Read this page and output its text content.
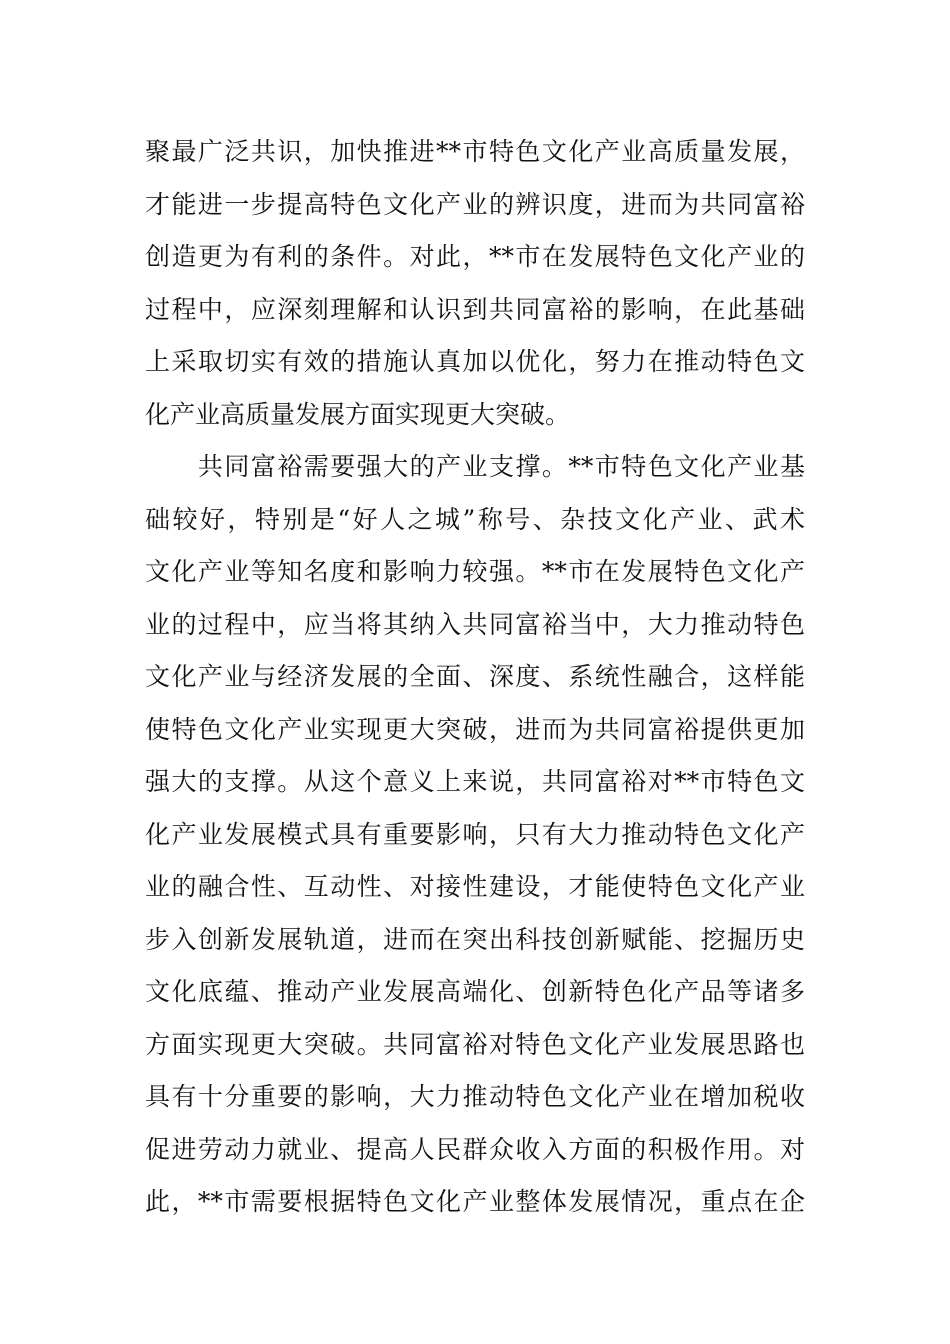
聚最广泛共识，加快推进**市特色文化产业高质量发展，
才能进一步提高特色文化产业的辨识度，进而为共同富裕
创造更为有利的条件。对此，**市在发展特色文化产业的
过程中，应深刻理解和认识到共同富裕的影响，在此基础
上采取切实有效的措施认真加以优化，努力在推动特色文
化产业高质量发展方面实现更大突破。
　　共同富裕需要强大的产业支撑。**市特色文化产业基
础较好，特别是“好人之城”称号、杂技文化产业、武术
文化产业等知名度和影响力较强。**市在发展特色文化产
业的过程中，应当将其纳入共同富裕当中，大力推动特色
文化产业与经济发展的全面、深度、系统性融合，这样能
使特色文化产业实现更大突破，进而为共同富裕提供更加
强大的支撑。从这个意义上来说，共同富裕对**市特色文
化产业发展模式具有重要影响，只有大力推动特色文化产
业的融合性、互动性、对接性建设，才能使特色文化产业
步入创新发展轨道，进而在突出科技创新赋能、挖掘历史
文化底蕴、推动产业发展高端化、创新特色化产品等诸多
方面实现更大突破。共同富裕对特色文化产业发展思路也
具有十分重要的影响，大力推动特色文化产业在增加税收
促进劳动力就业、提高人民群众收入方面的积极作用。对
此，**市需要根据特色文化产业整体发展情况，重点在企
